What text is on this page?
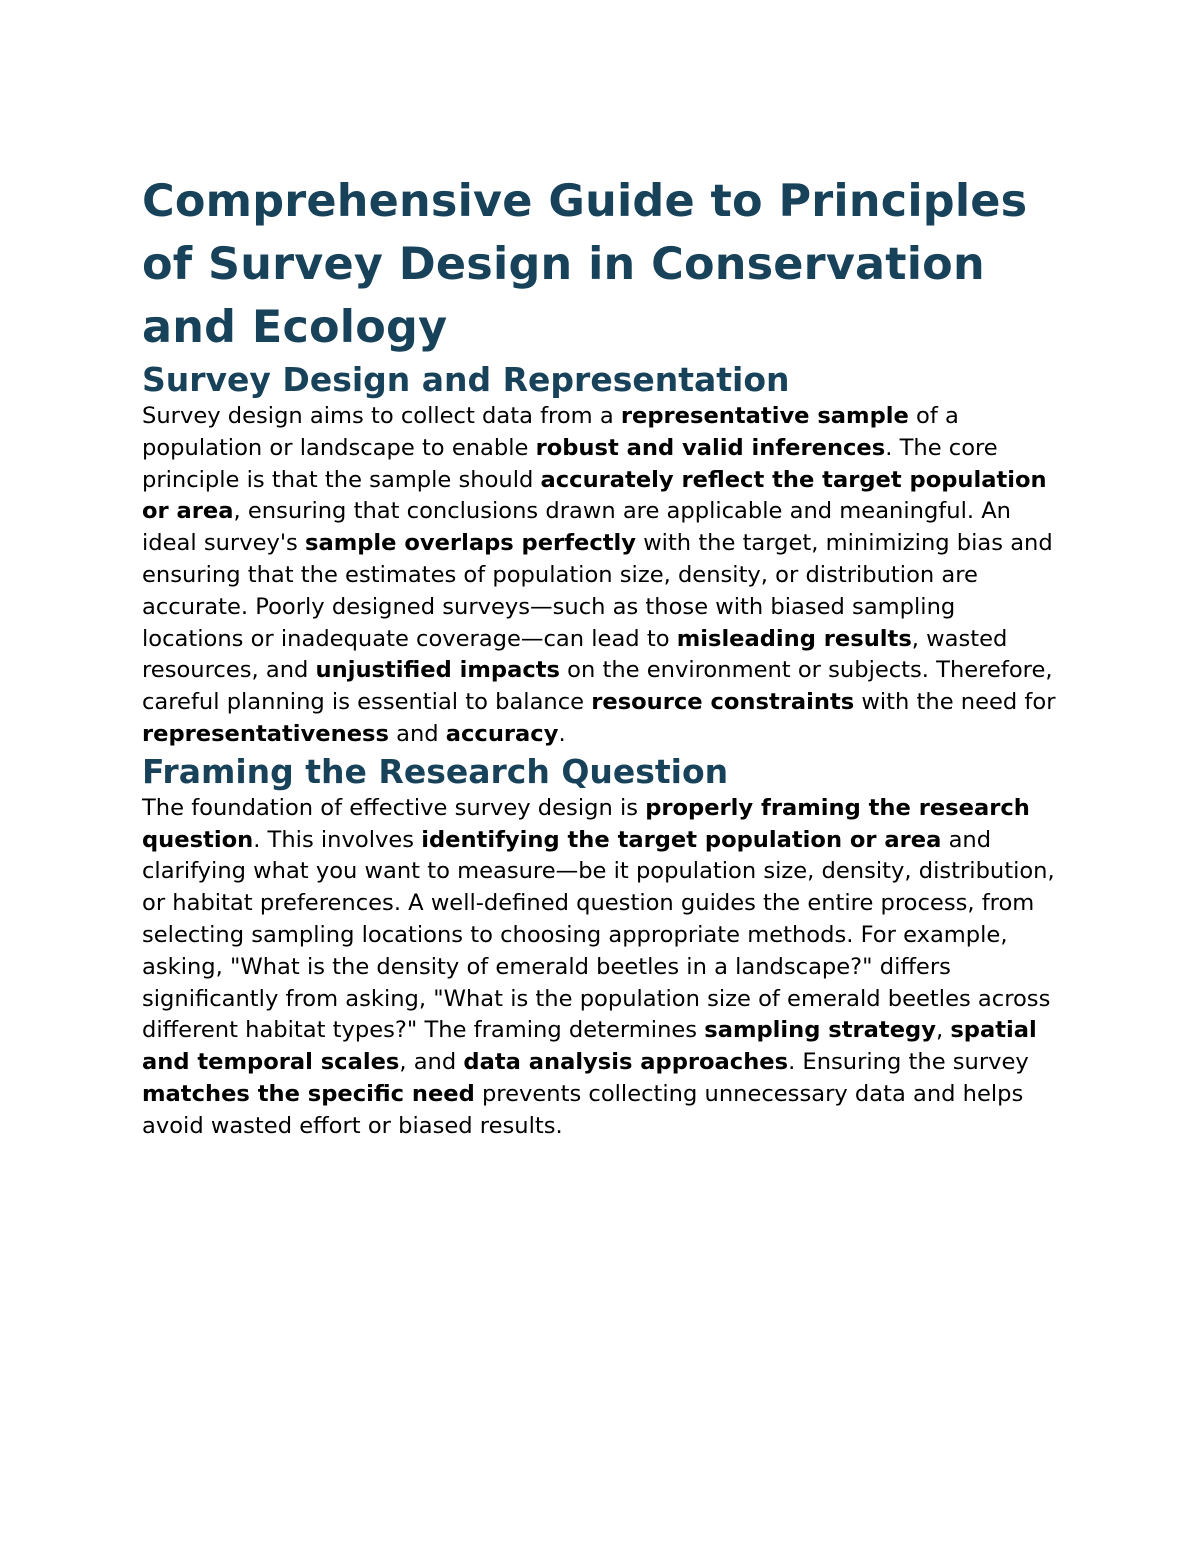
Comprehensive Guide to Principles of Survey Design in Conservation and Ecology
Survey Design and Representation

Survey design aims to collect data from a representative sample of a population or landscape to enable robust and valid inferences. The core principle is that the sample should accurately reflect the target population or area, ensuring that conclusions drawn are applicable and meaningful. An ideal survey's sample overlaps perfectly with the target, minimizing bias and ensuring that the estimates of population size, density, or distribution are accurate. Poorly designed surveys—such as those with biased sampling locations or inadequate coverage—can lead to misleading results, wasted resources, and unjustified impacts on the environment or subjects. Therefore, careful planning is essential to balance resource constraints with the need for representativeness and accuracy.

Framing the Research Question

The foundation of effective survey design is properly framing the research question. This involves identifying the target population or area and clarifying what you want to measure—be it population size, density, distribution, or habitat preferences. A well-defined question guides the entire process, from selecting sampling locations to choosing appropriate methods. For example, asking, "What is the density of emerald beetles in a landscape?" differs significantly from asking, "What is the population size of emerald beetles across different habitat types?" The framing determines sampling strategy, spatial and temporal scales, and data analysis approaches. Ensuring the survey matches the specific need prevents collecting unnecessary data and helps avoid wasted effort or biased results.
